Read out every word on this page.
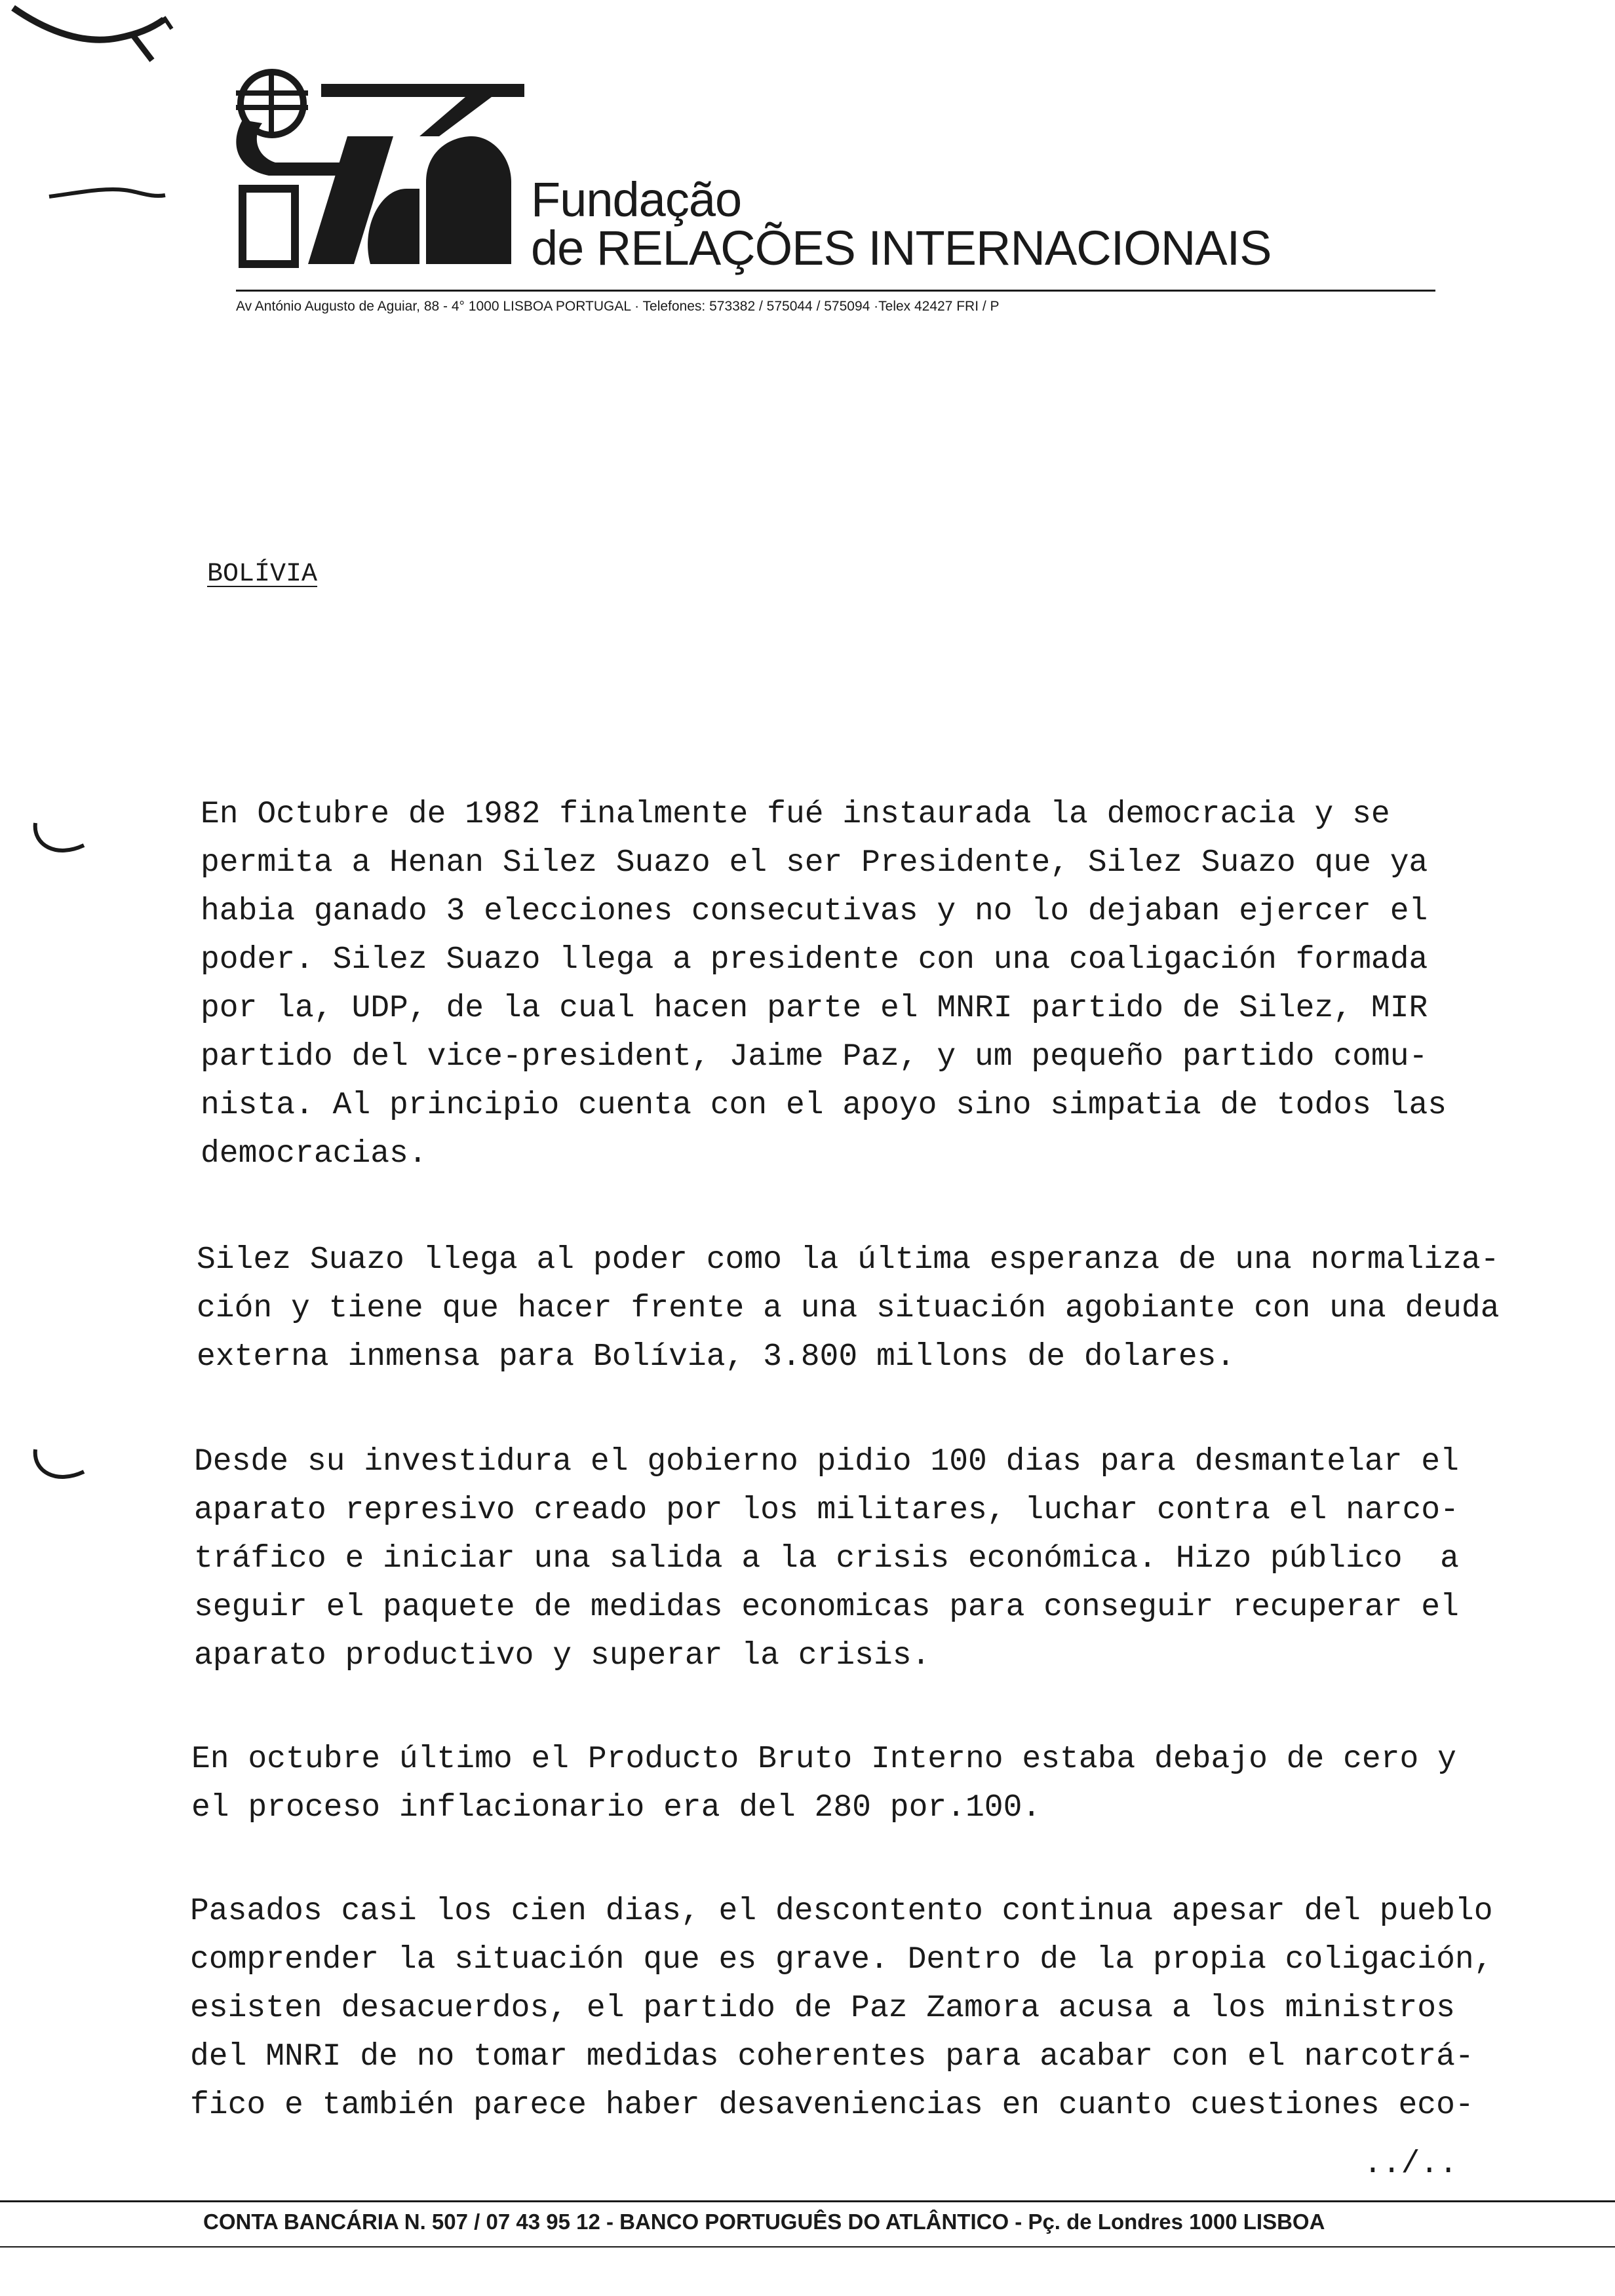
Fundação
de RELAÇÕES INTERNACIONAIS
Av António Augusto de Aguiar, 88 - 4° 1000 LISBOA PORTUGAL · Telefones: 573382 / 575044 / 575094 ·Telex 42427 FRI / P
BOLÍVIA
En Octubre de 1982 finalmente fué instaurada la democracia y se
permita a Henan Silez Suazo el ser Presidente, Silez Suazo que ya
habia ganado 3 elecciones consecutivas y no lo dejaban ejercer el
poder. Silez Suazo llega a presidente con una coaligación formada
por la, UDP, de la cual hacen parte el MNRI partido de Silez, MIR
partido del vice-president, Jaime Paz, y um pequeño partido comu-
nista. Al principio cuenta con el apoyo sino simpatia de todos las
democracias.
Silez Suazo llega al poder como la última esperanza de una normaliza-
ción y tiene que hacer frente a una situación agobiante con una deuda
externa inmensa para Bolívia, 3.800 millons de dolares.
Desde su investidura el gobierno pidio 100 dias para desmantelar el
aparato represivo creado por los militares, luchar contra el narco-
tráfico e iniciar una salida a la crisis económica. Hizo público  a
seguir el paquete de medidas economicas para conseguir recuperar el
aparato productivo y superar la crisis.
En octubre último el Producto Bruto Interno estaba debajo de cero y
el proceso inflacionario era del 280 por.100.
Pasados casi los cien dias, el descontento continua apesar del pueblo
comprender la situación que es grave. Dentro de la propia coligación,
esisten desacuerdos, el partido de Paz Zamora acusa a los ministros
del MNRI de no tomar medidas coherentes para acabar con el narcotrá-
fico e también parece haber desaveniencias en cuanto cuestiones eco-
../..
CONTA BANCÁRIA N. 507 / 07 43 95 12 - BANCO PORTUGUÊS DO ATLÂNTICO - Pç. de Londres 1000 LISBOA
